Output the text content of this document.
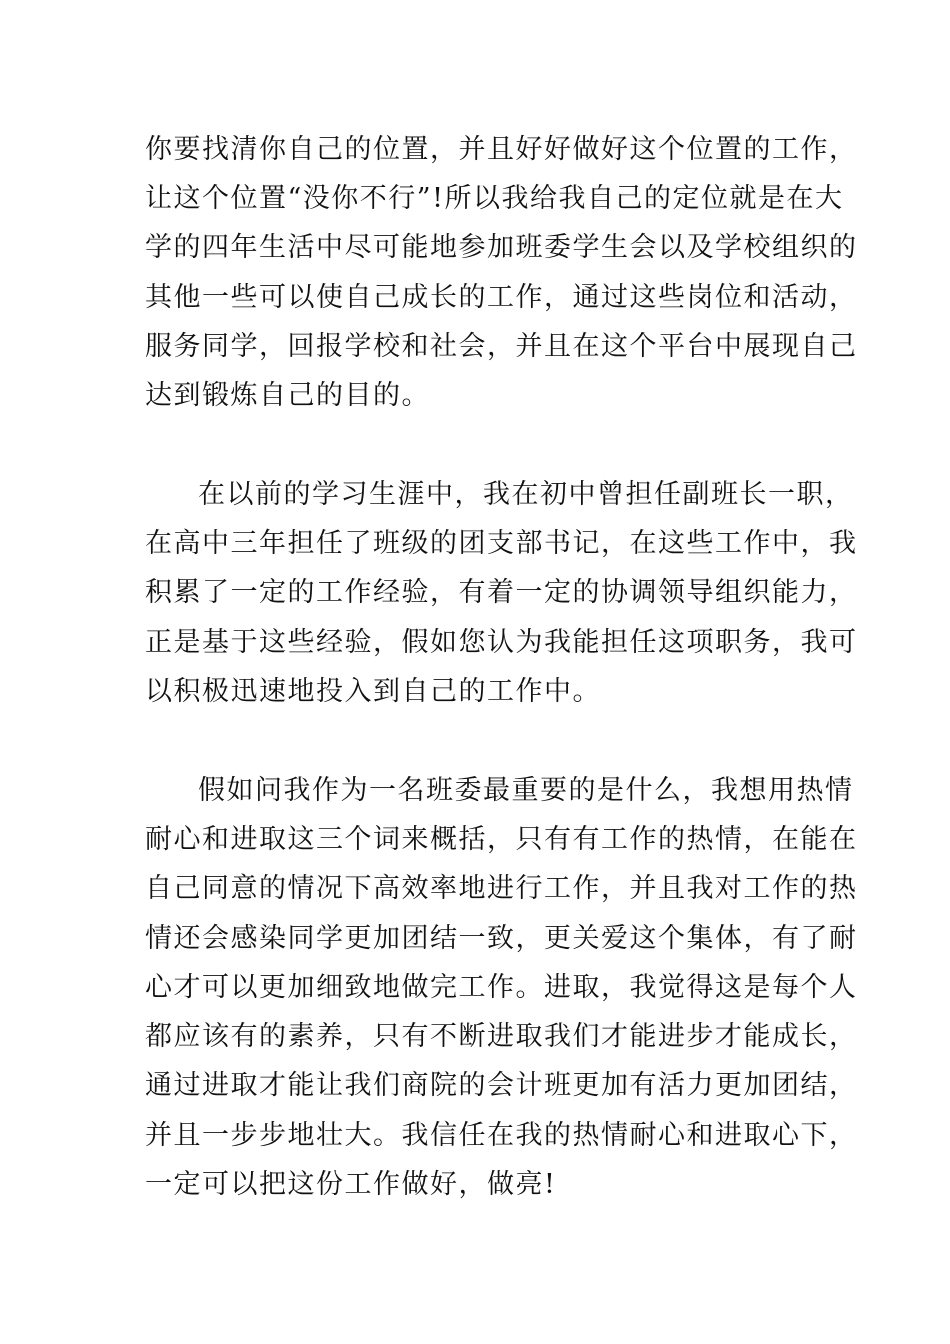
你要找清你自己的位置，并且好好做好这个位置的工作，
让这个位置“没你不行”!所以我给我自己的定位就是在大
学的四年生活中尽可能地参加班委学生会以及学校组织的
其他一些可以使自己成长的工作，通过这些岗位和活动，
服务同学，回报学校和社会，并且在这个平台中展现自己
达到锻炼自己的目的。
在以前的学习生涯中，我在初中曾担任副班长一职，
在高中三年担任了班级的团支部书记，在这些工作中，我
积累了一定的工作经验，有着一定的协调领导组织能力，
正是基于这些经验，假如您认为我能担任这项职务，我可
以积极迅速地投入到自己的工作中。
假如问我作为一名班委最重要的是什么，我想用热情
耐心和进取这三个词来概括，只有有工作的热情，在能在
自己同意的情况下高效率地进行工作，并且我对工作的热
情还会感染同学更加团结一致，更关爱这个集体，有了耐
心才可以更加细致地做完工作。进取，我觉得这是每个人
都应该有的素养，只有不断进取我们才能进步才能成长，
通过进取才能让我们商院的会计班更加有活力更加团结，
并且一步步地壮大。我信任在我的热情耐心和进取心下，
一定可以把这份工作做好，做亮!
